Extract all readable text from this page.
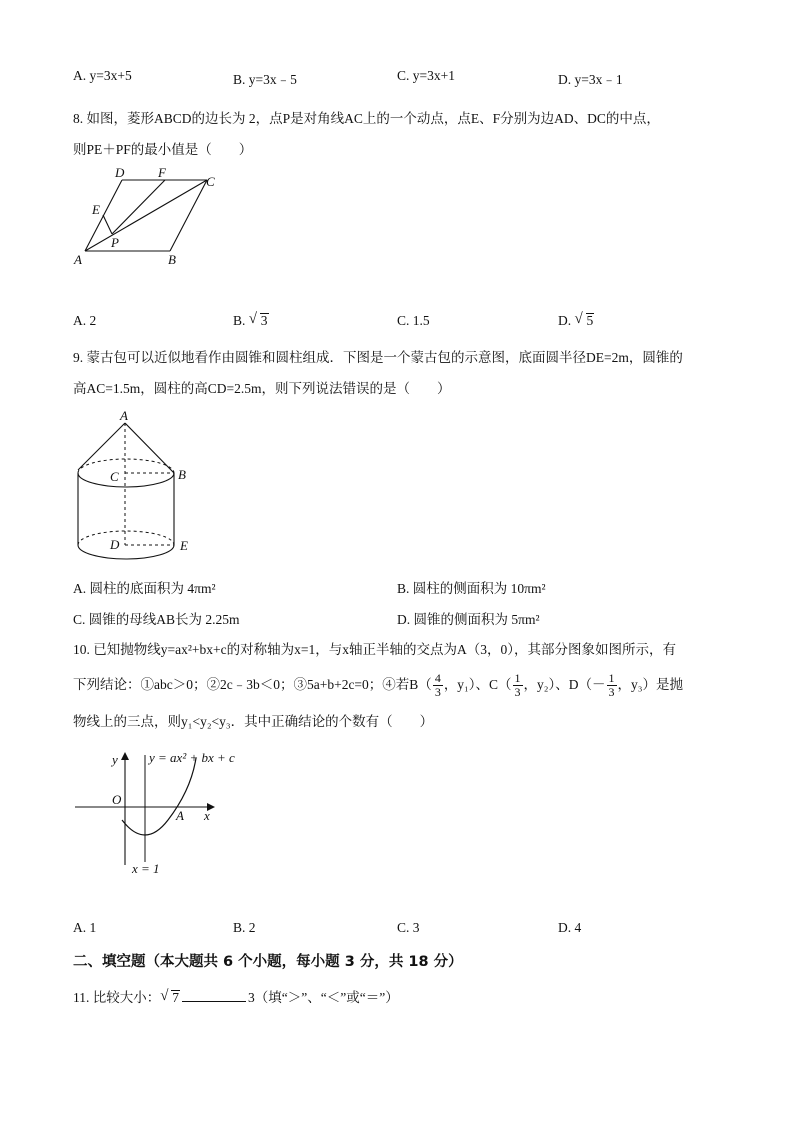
A. y=3x+5	B. y=3x﹣5	C. y=3x+1	D. y=3x﹣1
8. 如图，菱形ABCD的边长为 2，点P是对角线AC上的一个动点，点E、F分别为边AD、DC的中点，
则PE＋PF的最小值是（　　）
A	B
C
D
E
F
P
A. 2	B. √ 3	C. 1.5	D. √ 5
9. 蒙古包可以近似地看作由圆锥和圆柱组成．下图是一个蒙古包的示意图，底面圆半径DE=2m，圆锥的
高AC=1.5m，圆柱的高CD=2.5m，则下列说法错误的是（　　）
A
B
C
D	E
A. 圆柱的底面积为 4πm²	B. 圆柱的侧面积为 10πm²
C. 圆锥的母线AB长为 2.25m	D. 圆锥的侧面积为 5πm²
10. 已知抛物线y=ax²+bx+c的对称轴为x=1，与x轴正半轴的交点为A（3，0），其部分图象如图所示，有
下列结论：①abc＞0；②2c﹣3b＜0；③5a+b+2c=0；④若$B( \frac{4}{3}$ ，y₁）、$C( \frac{1}{3}$ ，y₂）、$D(- \frac{1}{3}$ ，y₃）是抛
物线上的三点，则y₁<y₂<y₃．其中正确结论的个数有（　　）
y
x
O
A
y = ax² + bx + c
x = 1
A. 1	B. 2	C. 3	D. 4
二、填空题（本大题共 6 个小题，每小题 3 分，共 18 分）
11. 比较大小： √ 7	3（填“＞”、“＜”或“＝”）
